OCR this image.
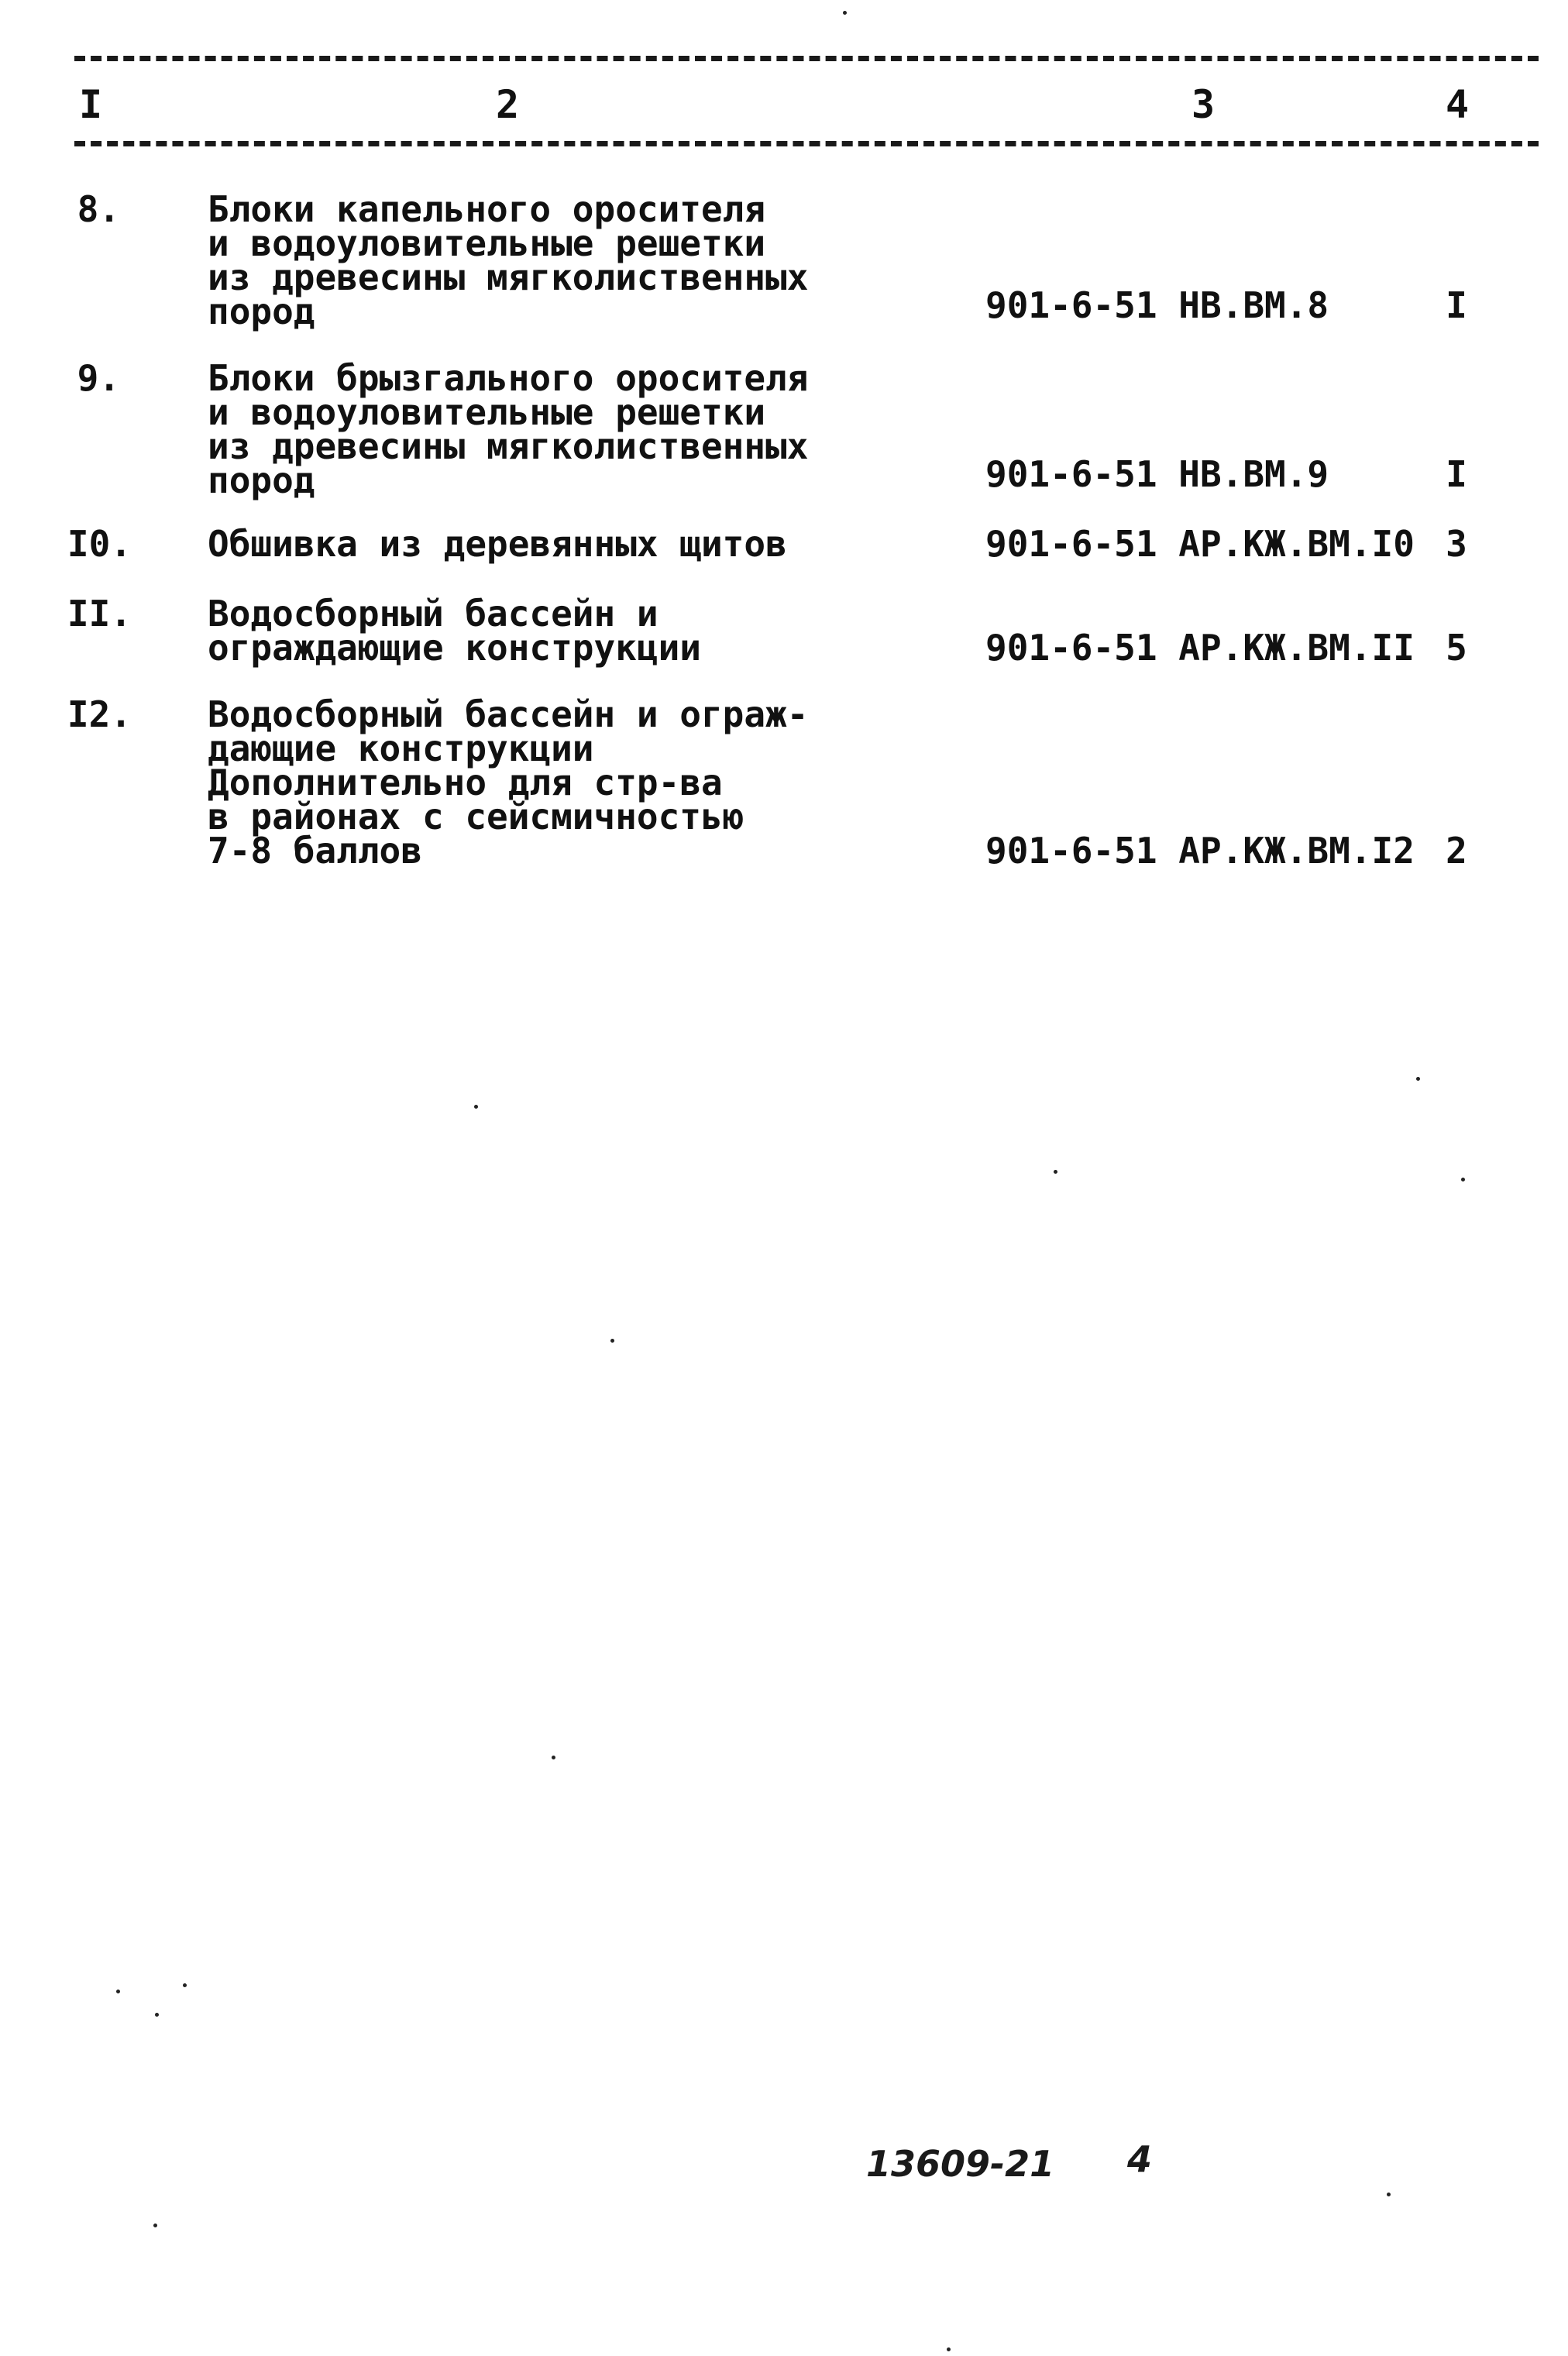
I	2	3	4
8. Блоки капельного оросителя
и водоуловительные решетки
из древесины мягколиственных
пород	901-6-51 НВ.ВМ.8	I
9. Блоки брызгального оросителя
и водоуловительные решетки
из древесины мягколиственных
пород	901-6-51 НВ.ВМ.9	I
I0. Обшивка из деревянных щитов	901-6-51 АР.КЖ.ВМ.I0 3
II. Водосборный бассейн и
ограждающие конструкции	901-6-51 АР.КЖ.ВМ.II 5
I2. Водосборный бассейн и ограж-
дающие конструкции
Дополнительно для стр-ва
в районах с сейсмичностью
7-8 баллов	901-6-51 АР.КЖ.ВМ.I2 2
13609-21 4
